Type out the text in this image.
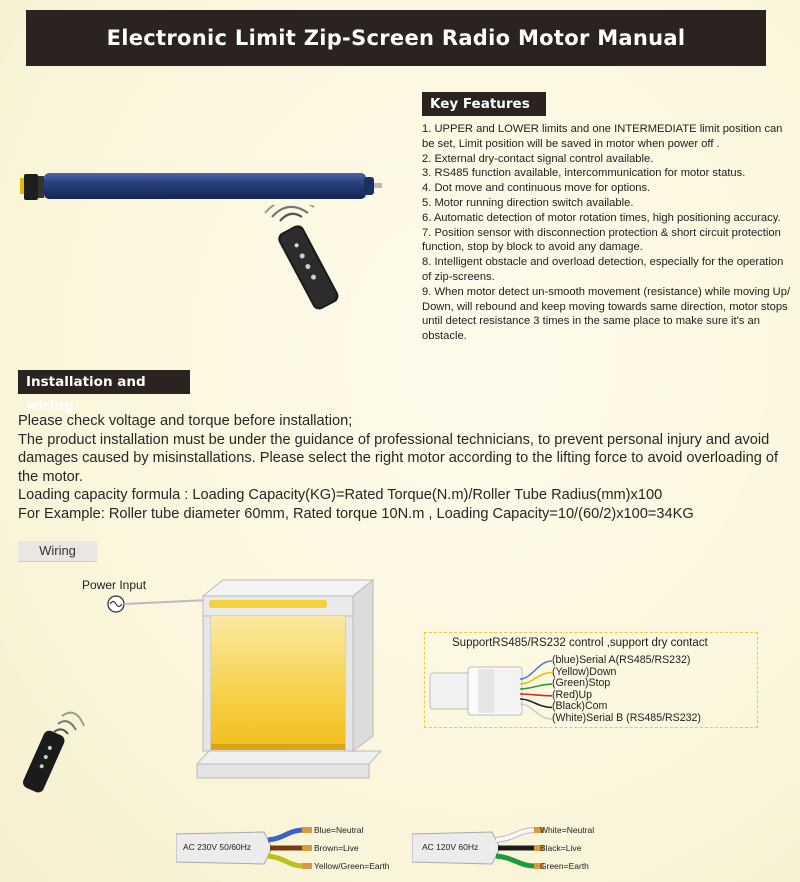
Electronic Limit Zip-Screen Radio Motor Manual
Key Features
1. UPPER and LOWER limits and one INTERMEDIATE limit position can be set, Limit position will be saved in motor when power off .
2. External dry-contact signal control available.
3. RS485 function available, intercommunication for motor status.
4. Dot move and continuous move for options.
5. Motor running direction switch available.
6. Automatic detection of motor rotation times, high positioning accuracy.
7. Position sensor with disconnection protection & short circuit protection function, stop by block to avoid any damage.
8. Intelligent obstacle and overload detection, especially for the operation of zip-screens.
9. When motor detect un-smooth movement (resistance) while moving Up/ Down, will rebound and keep moving towards same direction, motor stops until detect resistance 3 times in the same place to make sure it's an obstacle.
Installation and wiring
Please check voltage and torque before installation;
The product installation must be under the guidance of professional technicians, to prevent personal injury and avoid damages caused by misinstallations. Please select the right motor according to the lifting force to avoid overloading of the motor.
Loading capacity formula : Loading Capacity(KG)=Rated Torque(N.m)/Roller Tube Radius(mm)x100
For Example: Roller tube diameter 60mm, Rated torque 10N.m , Loading Capacity=10/(60/2)x100=34KG
Wiring
Power Input
SupportRS485/RS232 control ,support dry contact
(blue)Serial A(RS485/RS232)
(Yellow)Down
(Green)Stop
(Red)Up
(Black)Com
(White)Serial B (RS485/RS232)
AC 230V 50/60Hz
Blue=Neutral
Brown=Live
Yellow/Green=Earth
AC 120V 60Hz
White=Neutral
Black=Live
Green=Earth
